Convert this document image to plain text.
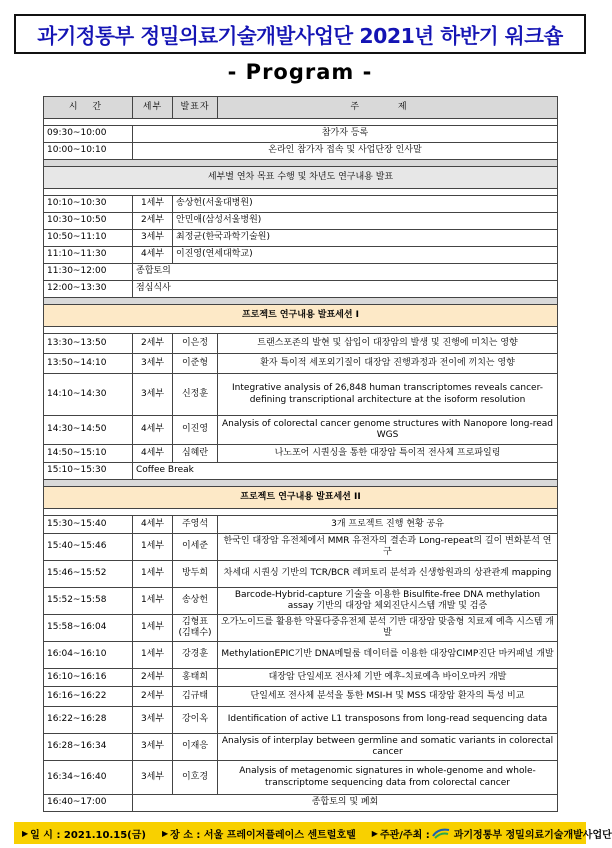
과기정통부 정밀의료기술개발사업단 2021년 하반기 워크숍
- Program -
시 간	세부	발표자	주 제

09:30~10:00	참가자 등록		
10:00~10:10	온라인 참가자 접속 및 사업단장 인사말		

세부별 연차 목표 수행 및 차년도 연구내용 발표			

10:10~10:30	1세부	송상헌(서울대병원)	
10:30~10:50	2세부	안민애(삼성서울병원)	
10:50~11:10	3세부	최정균(한국과학기술원)	
11:10~11:30	4세부	이진영(연세대학교)	
11:30~12:00	종합토의		
12:00~13:30	점심식사		

프로젝트 연구내용 발표세션 I			

13:30~13:50	2세부	이은정	트랜스포존의 발현 및 삽입이 대장암의 발생 및 진행에 미치는 영향
13:50~14:10	3세부	이준형	환자 특이적 세포외기질이 대장암 진행과정과 전이에 끼치는 영향
14:10~14:30	3세부	신정훈	Integrative analysis of 26,848 human transcriptomes reveals cancer-defining transcriptional architecture at the isoform resolution
14:30~14:50	4세부	이진영	Analysis of colorectal cancer genome structures with Nanopore long-read WGS
14:50~15:10	4세부	심혜란	나노포어 시퀀싱을 통한 대장암 특이적 전사체 프로파일링
15:10~15:30	Coffee Break		

프로젝트 연구내용 발표세션 II			

15:30~15:40	4세부	주영석	3개 프로젝트 진행 현황 공유
15:40~15:46	1세부	이세준	한국인 대장암 유전체에서 MMR 유전자의 결손과 Long-repeat의 길이 변화분석 연구
15:46~15:52	1세부	방두희	차세대 시퀀싱 기반의 TCR/BCR 레퍼토리 분석과 신생항원과의 상관관계 mapping
15:52~15:58	1세부	송상헌	Barcode-Hybrid-capture 기술을 이용한 Bisulfite-free DNA methylation assay 기반의 대장암 체외진단시스템 개발 및 검증
15:58~16:04	1세부	김형표 (김태수)	오가노이드를 활용한 약물다중유전체 분석 기반 대장암 맞춤형 치료제 예측 시스템 개발
16:04~16:10	1세부	강경훈	MethylationEPIC기반 DNA메틸룸 데이터를 이용한 대장암CIMP진단 마커패널 개발
16:10~16:16	2세부	홍태희	대장암 단일세포 전사체 기반 예후-치료예측 바이오마커 개발
16:16~16:22	2세부	김규태	단일세포 전사체 분석을 통한 MSI-H 및 MSS 대장암 환자의 특성 비교
16:22~16:28	3세부	강이옥	Identification of active L1 transposons from long-read sequencing data
16:28~16:34	3세부	이재응	Analysis of interplay between germline and somatic variants in colorectal cancer
16:34~16:40	3세부	이호경	Analysis of metagenomic signatures in whole-genome and whole-transcriptome sequencing data from colorectal cancer
16:40~17:00	종합토의 및 폐회		
▶ 일 시 : 2021.10.15(금) ▶ 장 소 : 서울 프레이저플레이스 센트럴호텔 ▶ 주관/주최 : 과기정통부 정밀의료기술개발사업단
